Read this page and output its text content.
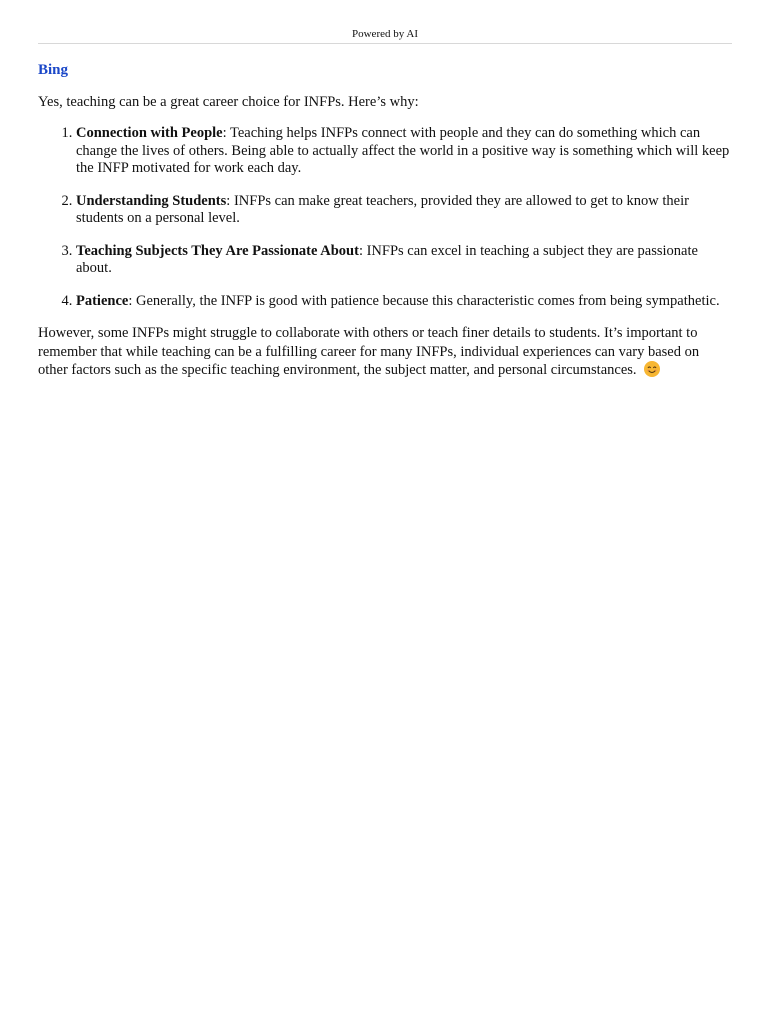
Powered by AI
Bing

Yes, teaching can be a great career choice for INFPs. Here’s why:

1. Connection with People: Teaching helps INFPs connect with people and they can do something which can change the lives of others. Being able to actually affect the world in a positive way is something which will keep the INFP motivated for work each day.
2. Understanding Students: INFPs can make great teachers, provided they are allowed to get to know their students on a personal level.
3. Teaching Subjects They Are Passionate About: INFPs can excel in teaching a subject they are passionate about.
4. Patience: Generally, the INFP is good with patience because this characteristic comes from being sympathetic.
However, some INFPs might struggle to collaborate with others or teach finer details to students. It’s important to remember that while teaching can be a fulfilling career for many INFPs, individual experiences can vary based on other factors such as the specific teaching environment, the subject matter, and personal circumstances.
